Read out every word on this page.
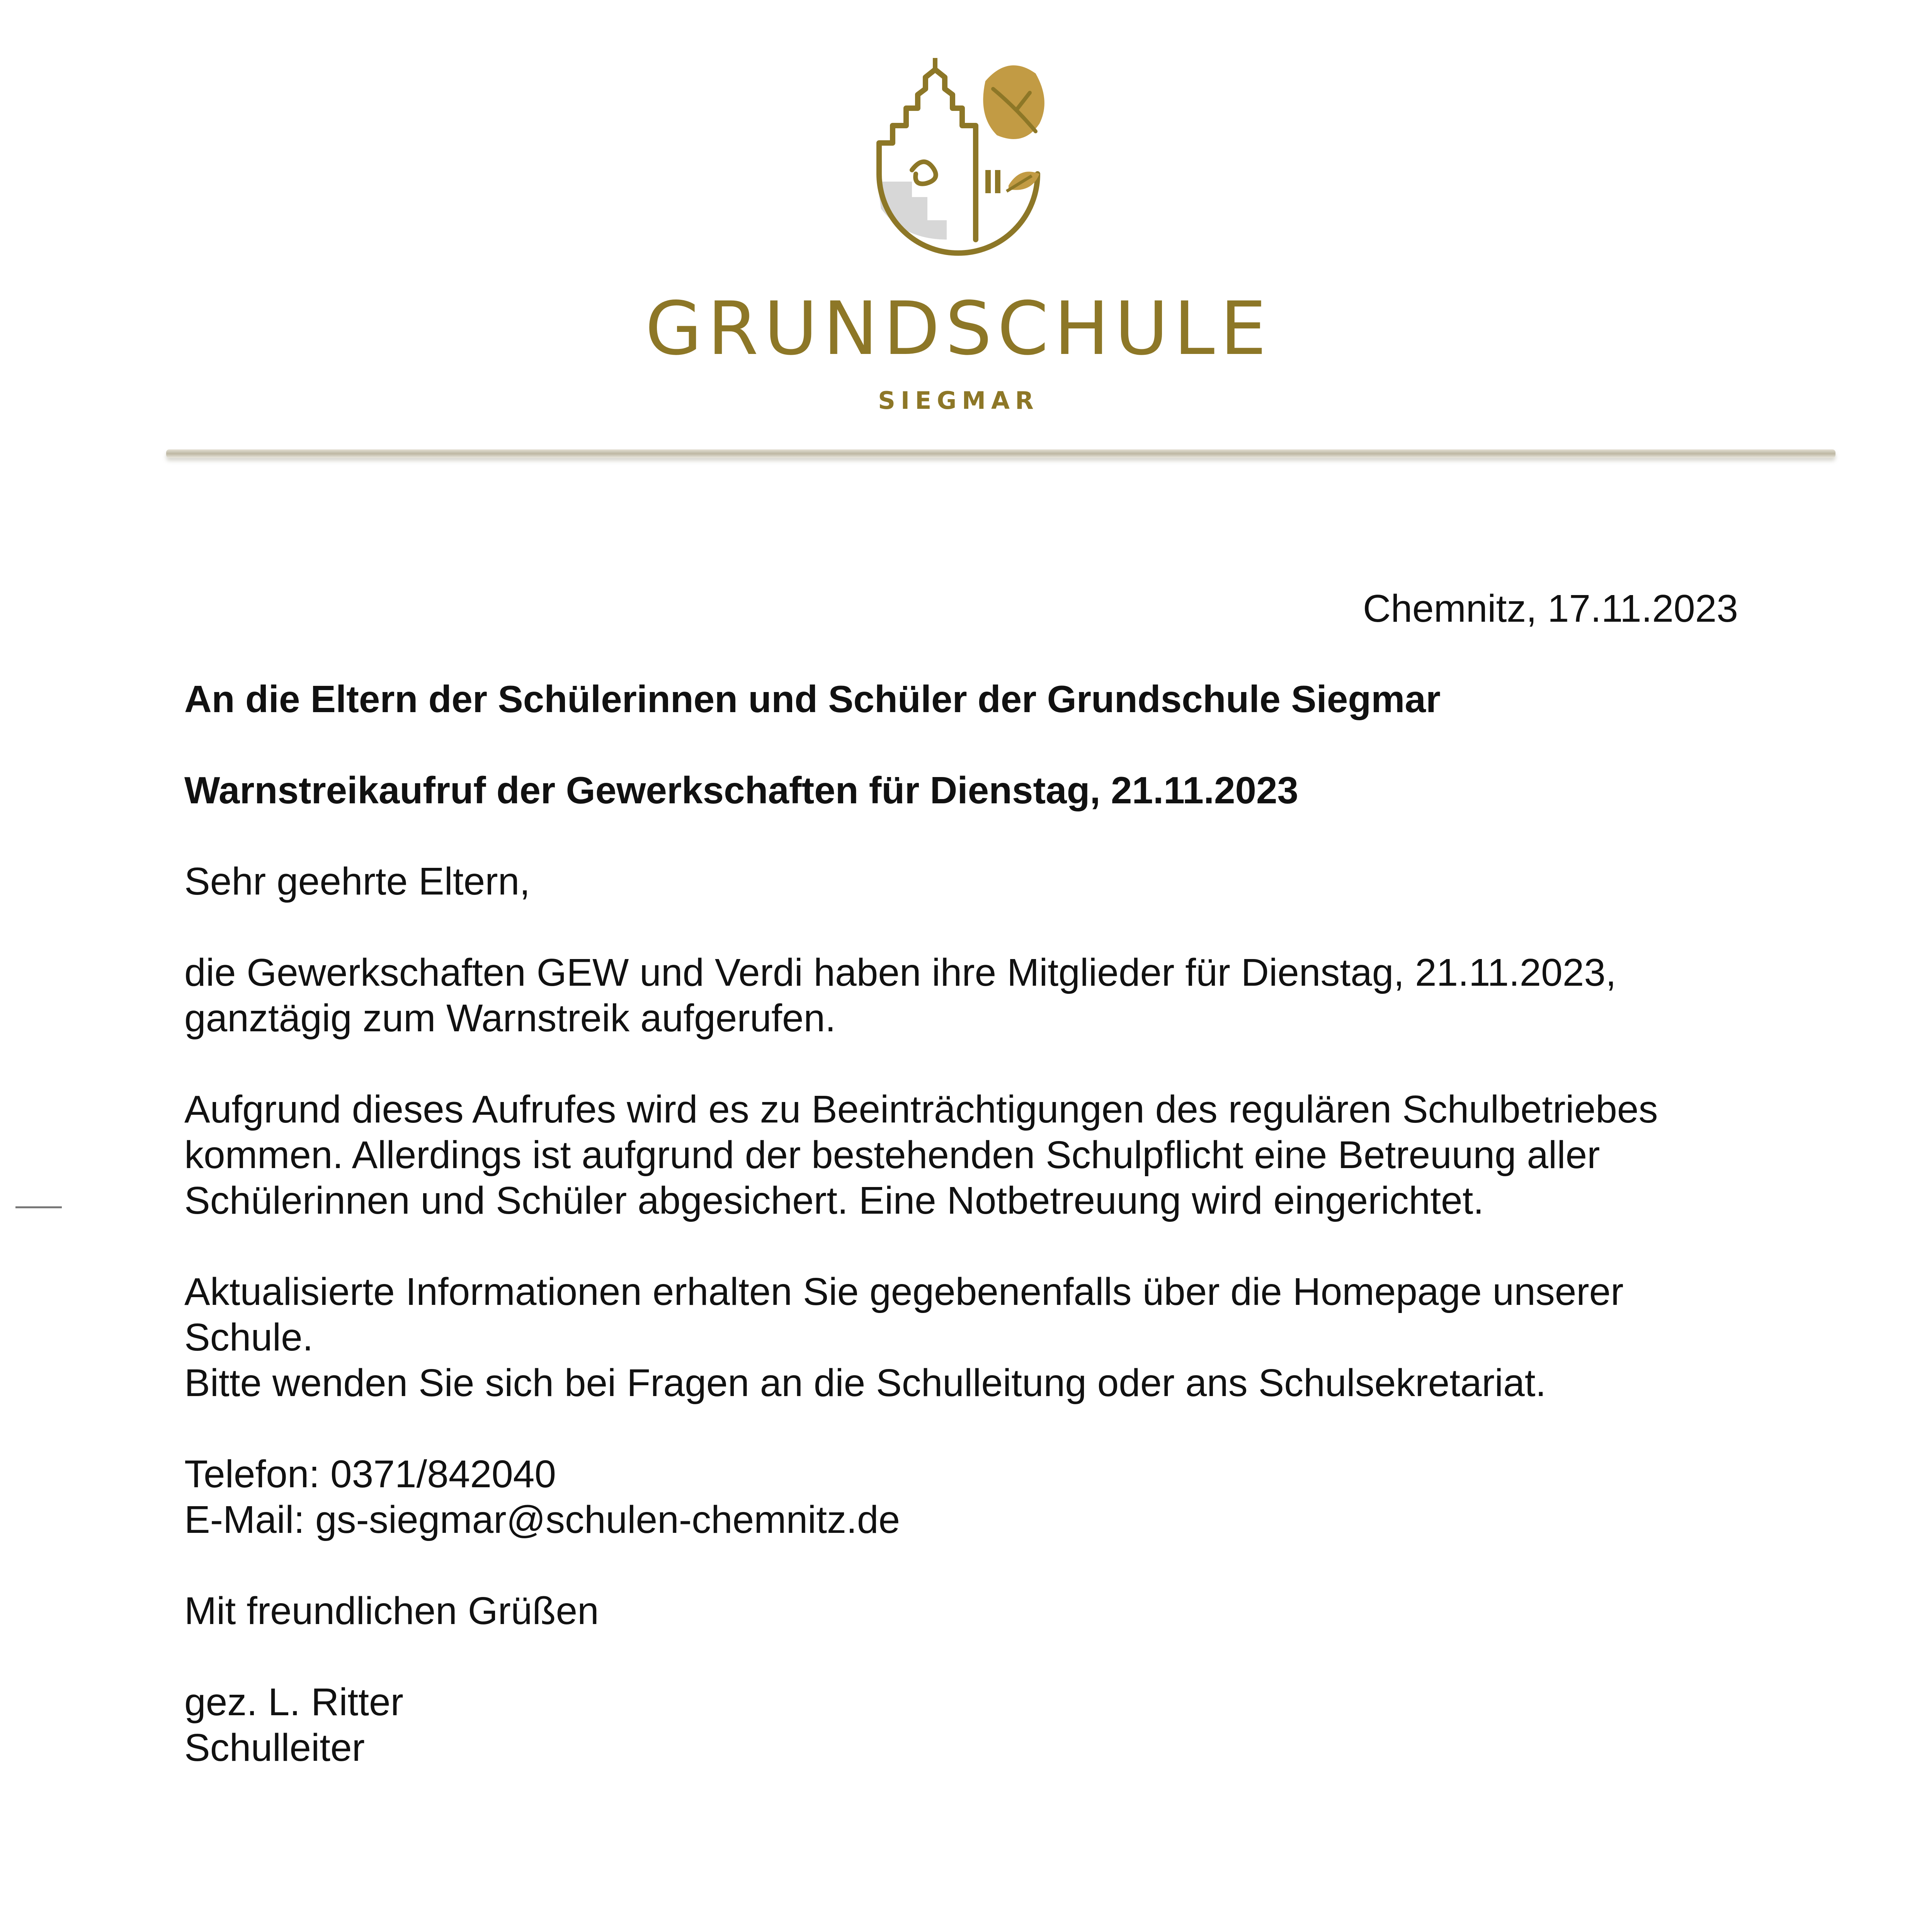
GRUNDSCHULE
SIEGMAR
Chemnitz, 17.11.2023

An die Eltern der Schülerinnen und Schüler der Grundschule Siegmar

Warnstreikaufruf der Gewerkschaften für Dienstag, 21.11.2023

Sehr geehrte Eltern,

die Gewerkschaften GEW und Verdi haben ihre Mitglieder für Dienstag, 21.11.2023,
ganztägig zum Warnstreik aufgerufen.

Aufgrund dieses Aufrufes wird es zu Beeinträchtigungen des regulären Schulbetriebes
kommen. Allerdings ist aufgrund der bestehenden Schulpflicht eine Betreuung aller
Schülerinnen und Schüler abgesichert. Eine Notbetreuung wird eingerichtet.

Aktualisierte Informationen erhalten Sie gegebenenfalls über die Homepage unserer
Schule.
Bitte wenden Sie sich bei Fragen an die Schulleitung oder ans Schulsekretariat.

Telefon: 0371/842040
E-Mail: gs-siegmar@schulen-chemnitz.de

Mit freundlichen Grüßen

gez. L. Ritter
Schulleiter
